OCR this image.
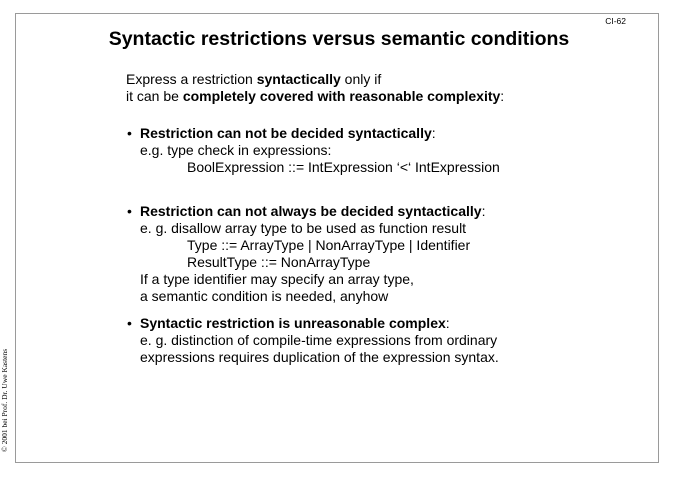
CI-62
Syntactic restrictions versus semantic conditions
© 2001 bei Prof. Dr. Uwe Kastens
Express a restriction syntactically only if
it can be completely covered with reasonable complexity:
• Restriction can not be decided syntactically:
e.g. type check in expressions:
BoolExpression ::= IntExpression ‘<‘ IntExpression
• Restriction can not always be decided syntactically:
e. g. disallow array type to be used as function result
Type ::= ArrayType | NonArrayType | Identifier
ResultType ::= NonArrayType
If a type identifier may specify an array type,
a semantic condition is needed, anyhow
• Syntactic restriction is unreasonable complex:
e. g. distinction of compile-time expressions from ordinary
expressions requires duplication of the expression syntax.
